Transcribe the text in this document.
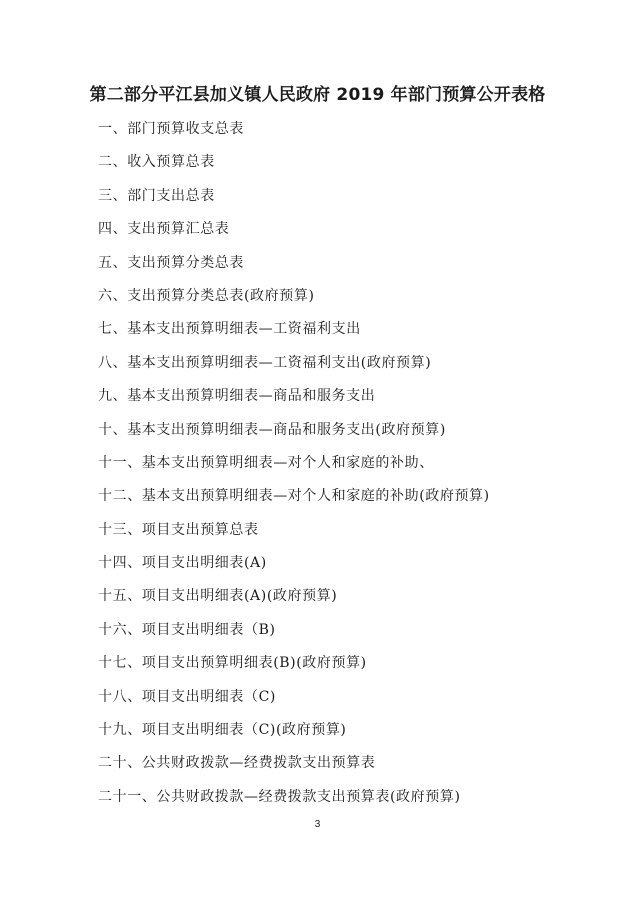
第二部分平江县加义镇人民政府 2019 年部门预算公开表格
一、部门预算收支总表
二、收入预算总表
三、部门支出总表
四、支出预算汇总表
五、支出预算分类总表
六、支出预算分类总表(政府预算)
七、基本支出预算明细表—工资福利支出
八、基本支出预算明细表—工资福利支出(政府预算)
九、基本支出预算明细表—商品和服务支出
十、基本支出预算明细表—商品和服务支出(政府预算)
十一、基本支出预算明细表—对个人和家庭的补助、
十二、基本支出预算明细表—对个人和家庭的补助(政府预算)
十三、项目支出预算总表
十四、项目支出明细表(A)
十五、项目支出明细表(A)(政府预算)
十六、项目支出明细表（B)
十七、项目支出预算明细表(B)(政府预算)
十八、项目支出明细表（C)
十九、项目支出明细表（C)(政府预算)
二十、公共财政拨款—经费拨款支出预算表
二十一、公共财政拨款—经费拨款支出预算表(政府预算)
3
